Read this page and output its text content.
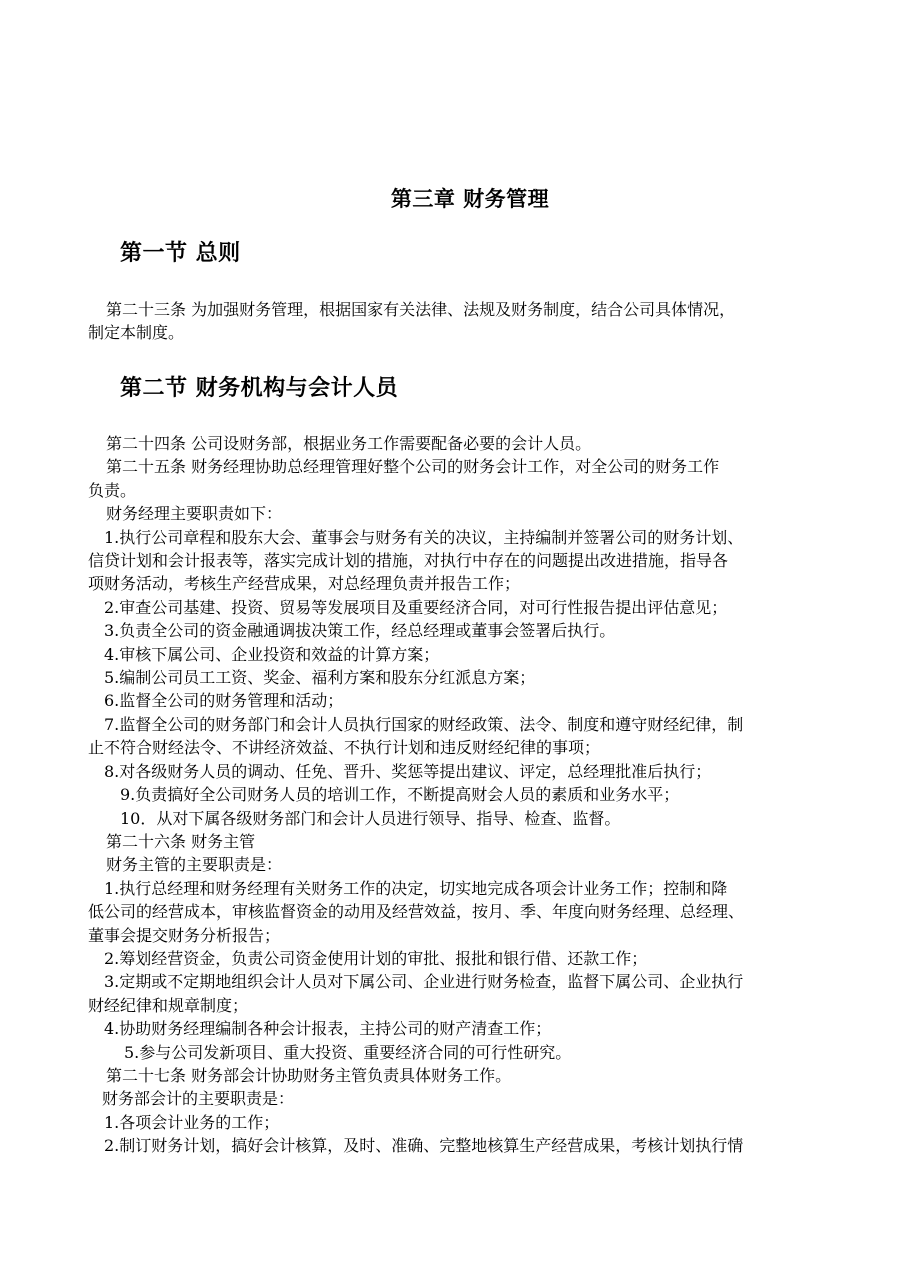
第三章 财务管理
第一节 总则

第二十三条 为加强财务管理，根据国家有关法律、法规及财务制度，结合公司具体情况，

制定本制度。

第二节 财务机构与会计人员

第二十四条 公司设财务部，根据业务工作需要配备必要的会计人员。

第二十五条 财务经理协助总经理管理好整个公司的财务会计工作，对全公司的财务工作

负责。

财务经理主要职责如下：

1.执行公司章程和股东大会、董事会与财务有关的决议，主持编制并签署公司的财务计划、

信贷计划和会计报表等，落实完成计划的措施，对执行中存在的问题提出改进措施，指导各

项财务活动，考核生产经营成果，对总经理负责并报告工作；

2.审查公司基建、投资、贸易等发展项目及重要经济合同，对可行性报告提出评估意见；

3.负责全公司的资金融通调拔决策工作，经总经理或董事会签署后执行。

4.审核下属公司、企业投资和效益的计算方案；

5.编制公司员工工资、奖金、福利方案和股东分红派息方案；

6.监督全公司的财务管理和活动；

7.监督全公司的财务部门和会计人员执行国家的财经政策、法令、制度和遵守财经纪律，制

止不符合财经法令、不讲经济效益、不执行计划和违反财经纪律的事项；

8.对各级财务人员的调动、任免、晋升、奖惩等提出建议、评定，总经理批准后执行；

9.负责搞好全公司财务人员的培训工作，不断提高财会人员的素质和业务水平；

10．从对下属各级财务部门和会计人员进行领导、指导、检查、监督。

第二十六条 财务主管

财务主管的主要职责是：

1.执行总经理和财务经理有关财务工作的决定，切实地完成各项会计业务工作；控制和降

低公司的经营成本，审核监督资金的动用及经营效益，按月、季、年度向财务经理、总经理、

董事会提交财务分析报告；

2.筹划经营资金，负责公司资金使用计划的审批、报批和银行借、还款工作；

3.定期或不定期地组织会计人员对下属公司、企业进行财务检查，监督下属公司、企业执行

财经纪律和规章制度；

4.协助财务经理编制各种会计报表，主持公司的财产清查工作；

5.参与公司发新项目、重大投资、重要经济合同的可行性研究。

第二十七条 财务部会计协助财务主管负责具体财务工作。

财务部会计的主要职责是：

1.各项会计业务的工作；

2.制订财务计划，搞好会计核算，及时、准确、完整地核算生产经营成果，考核计划执行情
